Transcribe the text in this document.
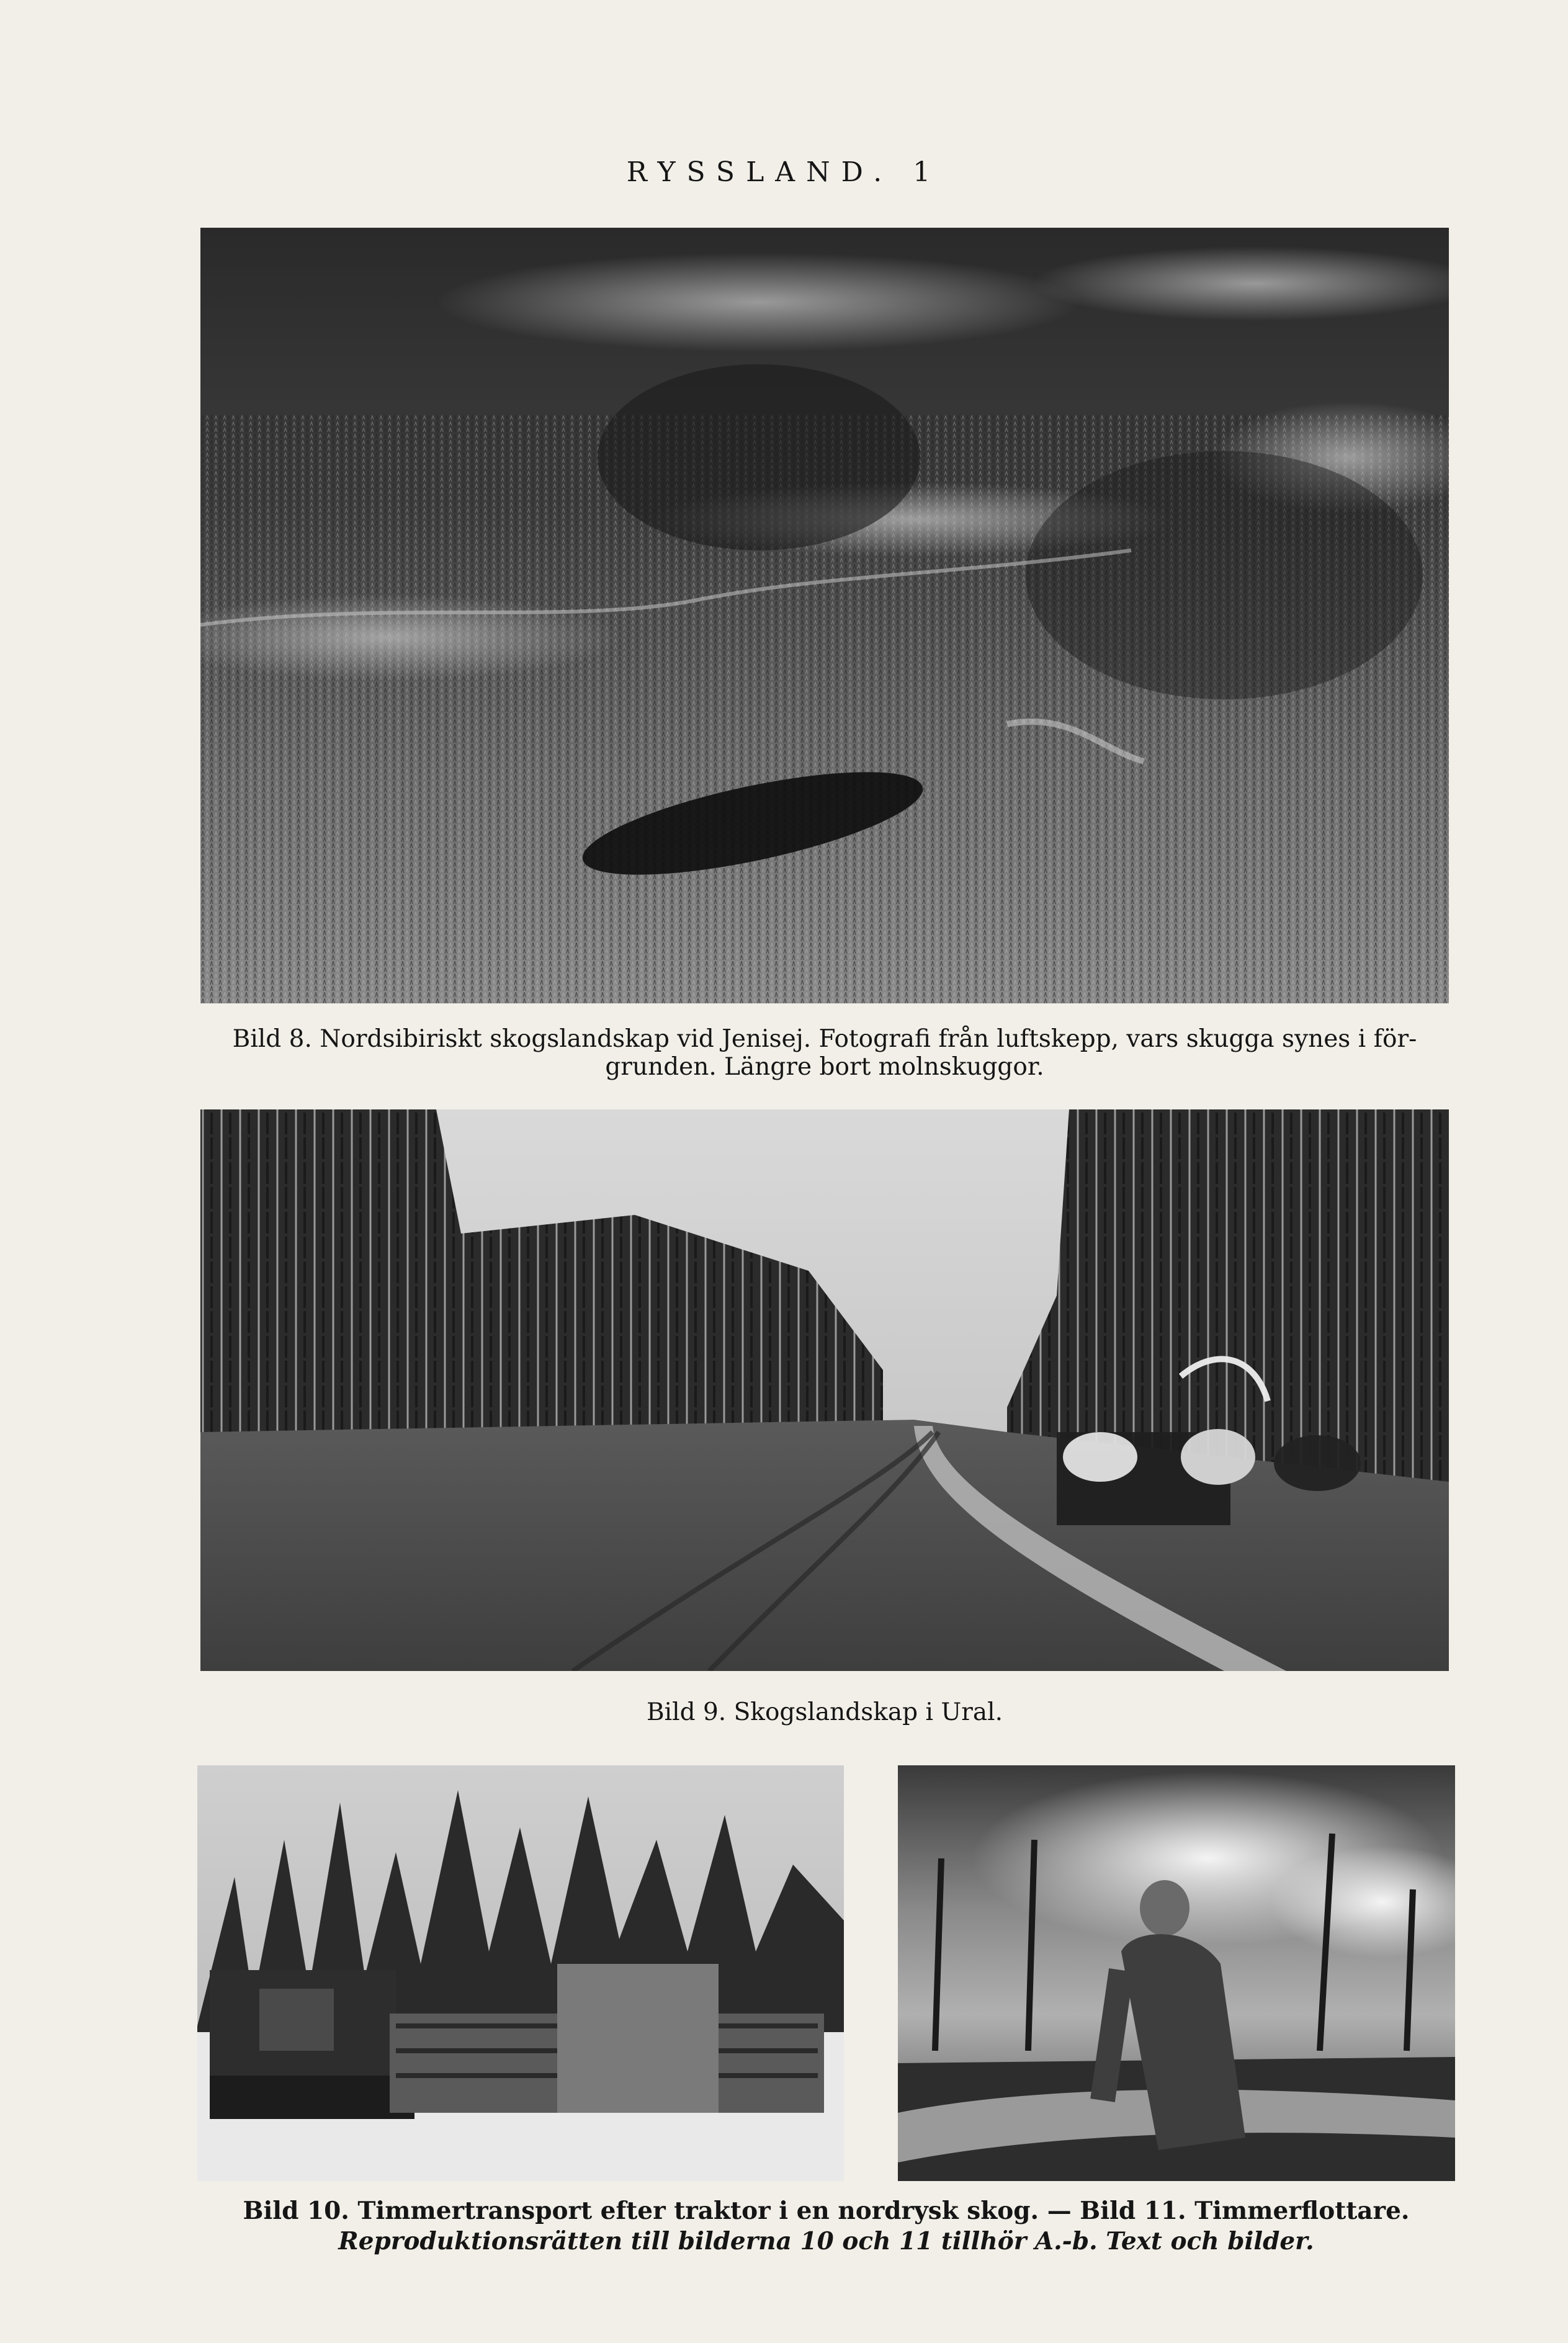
RYSSLAND. 1
Bild 8. Nordsibiriskt skogslandskap vid Jenisej. Fotografi från luftskepp, vars skugga synes i för-
grunden. Längre bort molnskuggor.
Bild 9. Skogslandskap i Ural.
Bild 10. Timmertransport efter traktor i en nordrysk skog. — Bild 11. Timmerflottare.
Reproduktionsrätten till bilderna 10 och 11 tillhör A.-b. Text och bilder.
